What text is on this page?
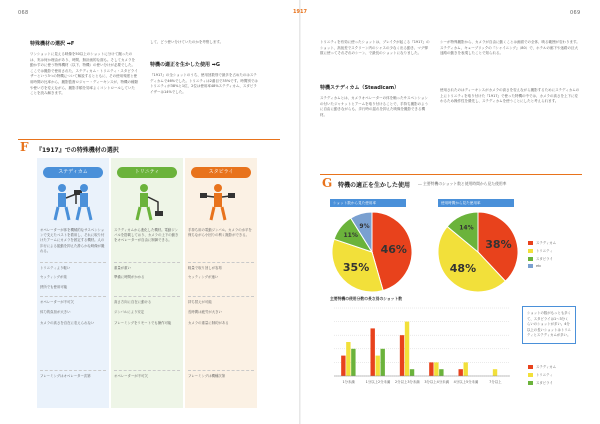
068
特殊機材の選択 ➡F
ワンショットに見える映像を50以上のショットに分けて撮ったのは、実は何か理由があり、時間、無計画的な面も。そしてカメラを動かすのに使う特殊機材（以下、特機）の使い分けが必要でした。ここでは撮影で使用された、ステディカム・トリニティ・スタビライザーという3つの特機について解説するとともに、その使用頻度と使用時間の比率から、撮影監督ロジャー・ディーキンスが、特機の種類や使い方を変えながら、撮影手順を効率よくコントロールしていたことを読み解きます。
して、どう使い分けていたのかを考察します。
特機の適正を生かした使用 ➡G
『1917』の全ショットのうち、使用回数別で最多を占めたのはステディカムで46%でした。トリニティは2番目で35%です。時間別ではトリニティが38%と1位、2位は使用率48%ステディカム、スタビライザーは14%でした。
F 『1917』での特殊機材の選択
ステディカム	トリニティ	スタビライ
オペレーターが体を機械的なサスペンションで支えたベストを着用し、それに取り付けたアームにカメラを固定する機材。人の歩行による振動を抑えた滑らかな映像が撮れる。
ステディカムから進化した機材。電動ジンバルを搭載しており、カメラの上下の動きをオペレーターが自由に制御できる。
手持ち用の電動ジンバル。カメラの水平を保ちながら小回りの利く撮影ができる。
トリニティより軽い
セッティングが楽
狭所でも使用可能
オペレーターが不可欠
体力的負担が大きい
カメラの高さを自在に変えられない
フレーミングはオペレーター次第
重量が重い
準備に時間がかかる
高さ方向に自在に動ける
ジンバルにより安定
フレーミングをリモートでも操作可能
オペレーターが不可欠
軽量で取り回しが容易
セッティングが速い
持ち替えが可能
長時間は疲労が大きい
カメラの重量に制約がある
フレーミングは機種次第
1917	069
トリニティを有効に使ったショットは、ブレイクが起こる『1917』のショット、高低差でスクリーン内のシャスの少なく出る動き、マグ弾数に使ってそれぞれのシーン、で最長のショットになりました。
特機ステディカム（Steadicam）
ステディカムとは、カメラオペレーターの体を軸ったサスペンションの付いたジャケットとアームを取り付けることで、手持ち撮影のように自由に動きながらも、歩行時の揺れを抑えた映像を撮影できる機材。
シーが特殊撮影から、カメラが自由に動くことは画面での全体、映る範囲が変わります。ステディカム、キューブリックの『シャイニング』（80）で、ホテルの廊下や迷路の巨大迷路の動きを表現したことで知られる。
使用されたのはディーキンスがカメラの高さを変えながら撮影するためにステディカムの上にトリニティを取り付けた『1917』で使った特機の中では、カメラの高さを上下に変わるため操作性を優先し、ステディカムを使うことにしたと考えられます。
G 特機の適正を生かした使用 ― 主要特機のショット数と使用時間から見た使用率
ショット数から見た使用率	使用時間から見た使用率
46%
35%
11%
9%
38%
48%
14%
ステディカム
トリニティ
スタビライ
etc
主要特機の使用分数の長さ別のショット数
1分未満	1分以上2分未満 2分以上3分未満 3分以上4分未満 4分以上5分未満	7分以上
ショットの数がもっとも多くて、スタビライは1〜3分くらいのショットが多い。4分以上の長いショットはトリニティとステディカムが多い。
ステディカム
トリニティ
スタビライ
